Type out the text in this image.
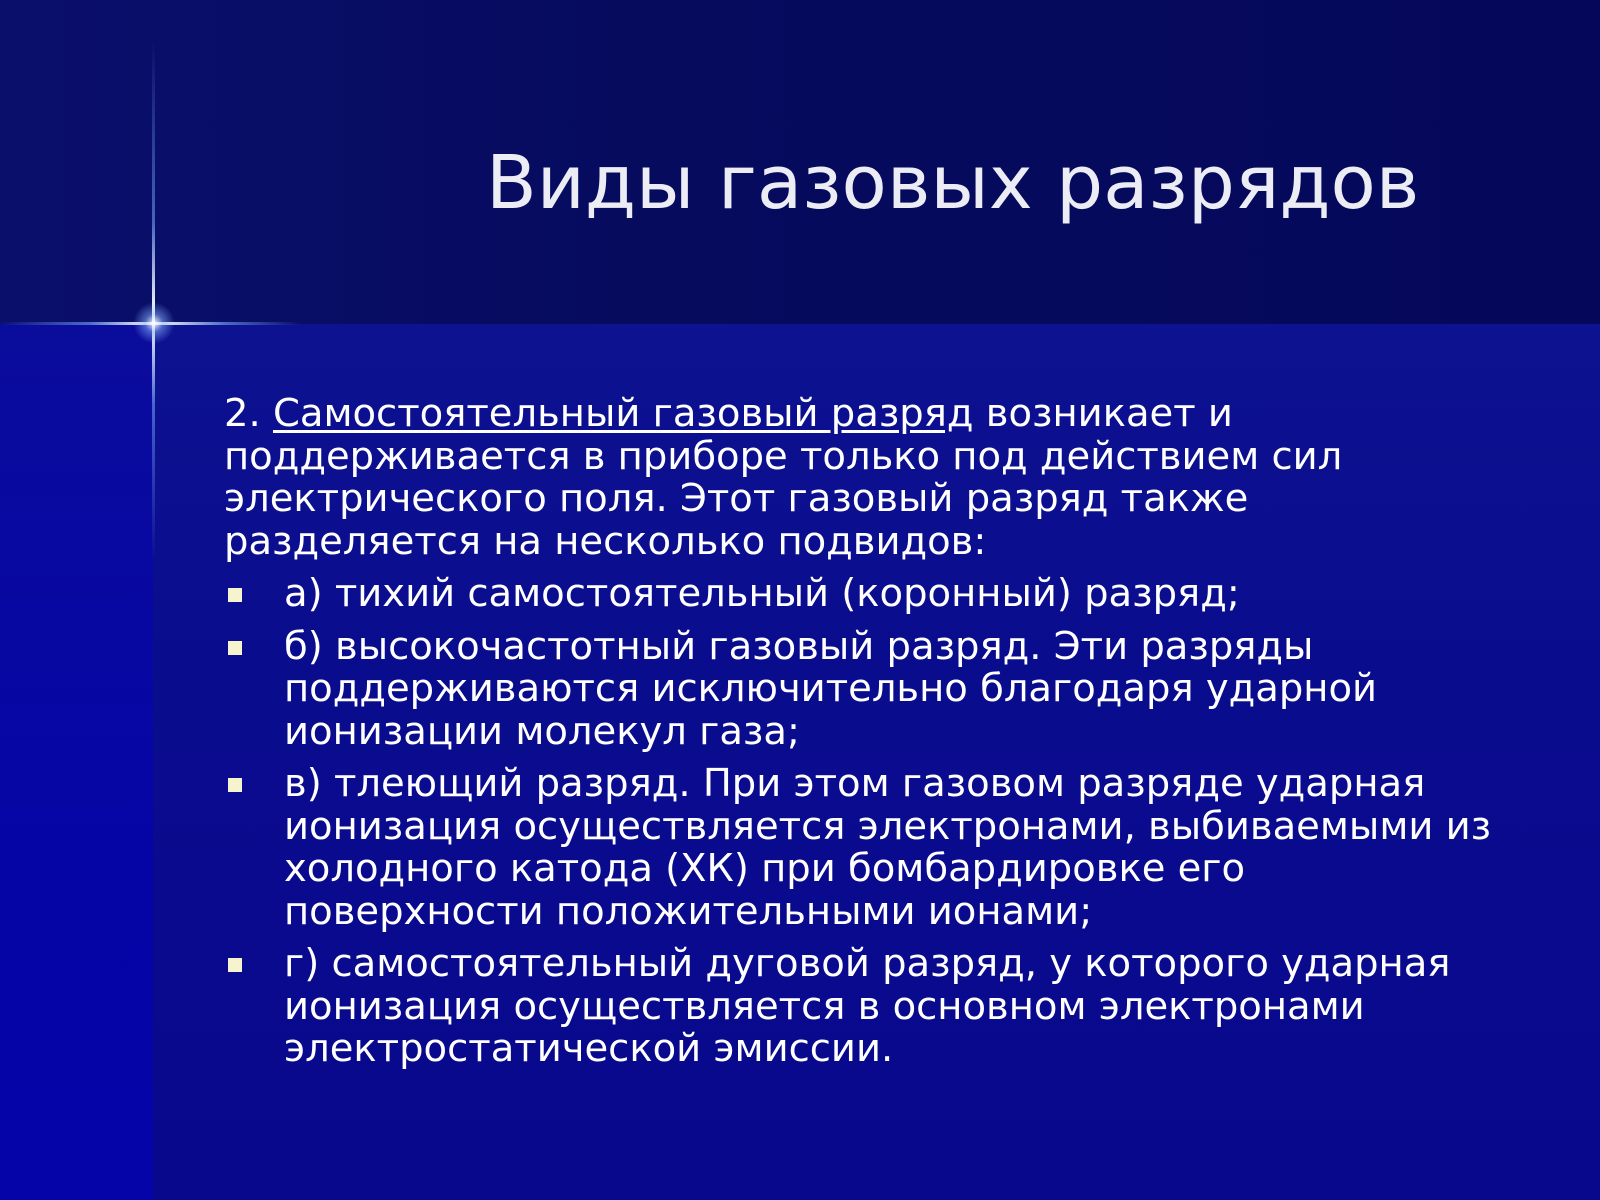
Виды газовых разрядов

2. Самостоятельный газовый разряд возникает и
поддерживается в приборе только под действием сил
электрического поля. Этот газовый разряд также
разделяется на несколько подвидов:

а) тихий самостоятельный (коронный) разряд;
б) высокочастотный газовый разряд. Эти разряды
поддерживаются исключительно благодаря ударной
ионизации молекул газа;
в) тлеющий разряд. При этом газовом разряде ударная
ионизация осуществляется электронами, выбиваемыми из
холодного катода (ХК) при бомбардировке его
поверхности положительными ионами;
г) самостоятельный дуговой разряд, у которого ударная
ионизация осуществляется в основном электронами
электростатической эмиссии.
